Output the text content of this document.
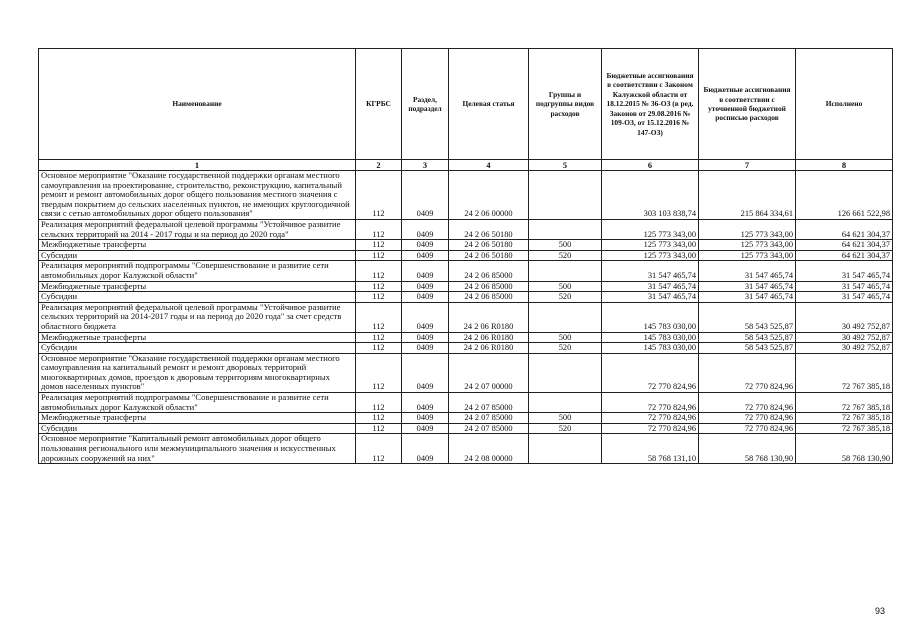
Наименование	КГРБС	Раздел, подраздел	Целевая статья	Группы и подгруппы видов расходов	Бюджетные ассигнования в соответствии с Законом Калужской области от 18.12.2015 № 36-ОЗ (в ред. Законов от 29.08.2016 № 109-ОЗ, от 15.12.2016 № 147-ОЗ)	Бюджетные ассигнования в соответствии с уточненной бюджетной росписью расходов	Исполнено
1	2	3	4	5	6	7	8
Основное мероприятие "Оказание государственной поддержки органам местного самоуправления на проектирование, строительство, реконструкцию, капитальный ремонт и ремонт автомобильных дорог общего пользования местного значения с твердым покрытием до сельских населенных пунктов, не имеющих круглогодичной связи с сетью автомобильных дорог общего пользования"	112	0409	24 2 06 00000		303 103 838,74	215 864 334,61	126 661 522,98
Реализация мероприятий федеральной целевой программы "Устойчивое развитие сельских территорий на 2014 - 2017 годы и на период до 2020 года"	112	0409	24 2 06 50180		125 773 343,00	125 773 343,00	64 621 304,37
Межбюджетные трансферты	112	0409	24 2 06 50180	500	125 773 343,00	125 773 343,00	64 621 304,37
Субсидии	112	0409	24 2 06 50180	520	125 773 343,00	125 773 343,00	64 621 304,37
Реализация мероприятий подпрограммы "Совершенствование и развитие сети автомобильных дорог Калужской области"	112	0409	24 2 06 85000		31 547 465,74	31 547 465,74	31 547 465,74
Межбюджетные трансферты	112	0409	24 2 06 85000	500	31 547 465,74	31 547 465,74	31 547 465,74
Субсидии	112	0409	24 2 06 85000	520	31 547 465,74	31 547 465,74	31 547 465,74
Реализация мероприятий федеральной целевой программы "Устойчивое развитие сельских территорий на 2014-2017 годы и на период до 2020 года" за счет средств областного бюджета	112	0409	24 2 06 R0180		145 783 030,00	58 543 525,87	30 492 752,87
Межбюджетные трансферты	112	0409	24 2 06 R0180	500	145 783 030,00	58 543 525,87	30 492 752,87
Субсидии	112	0409	24 2 06 R0180	520	145 783 030,00	58 543 525,87	30 492 752,87
Основное мероприятие "Оказание государственной поддержки органам местного самоуправления на капитальный ремонт и ремонт дворовых территорий многоквартирных домов, проездов к дворовым территориям многоквартирных домов населенных пунктов"	112	0409	24 2 07 00000		72 770 824,96	72 770 824,96	72 767 385,18
Реализация мероприятий подпрограммы "Совершенствование и развитие сети автомобильных дорог Калужской области"	112	0409	24 2 07 85000		72 770 824,96	72 770 824,96	72 767 385,18
Межбюджетные трансферты	112	0409	24 2 07 85000	500	72 770 824,96	72 770 824,96	72 767 385,18
Субсидии	112	0409	24 2 07 85000	520	72 770 824,96	72 770 824,96	72 767 385,18
Основное мероприятие "Капитальный ремонт автомобильных дорог общего пользования регионального или межмуниципального значения и искусственных дорожных сооружений на них"	112	0409	24 2 08 00000		58 768 131,10	58 768 130,90	58 768 130,90
93
